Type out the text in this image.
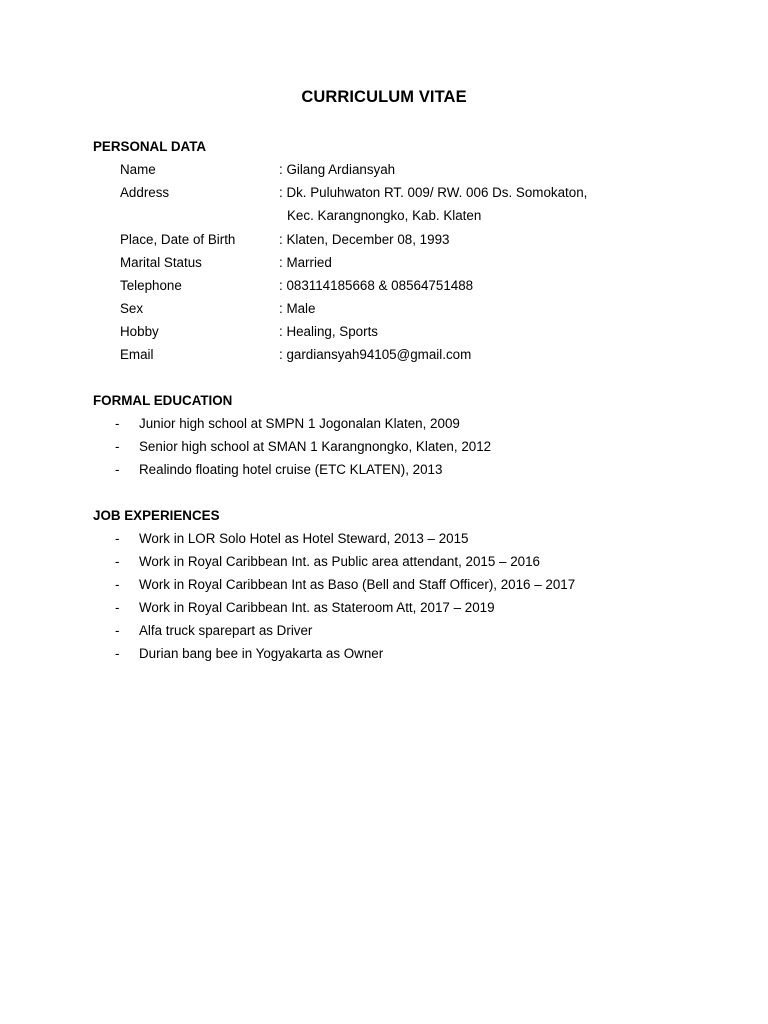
CURRICULUM VITAE
PERSONAL DATA
Name	: Gilang Ardiansyah
Address	: Dk. Puluhwaton RT. 009/ RW. 006 Ds. Somokaton,
Kec. Karangnongko, Kab. Klaten
Place, Date of Birth	: Klaten, December 08, 1993
Marital Status	: Married
Telephone	: 083114185668 & 08564751488
Sex	: Male
Hobby	: Healing, Sports
Email	: gardiansyah94105@gmail.com
FORMAL EDUCATION
- Junior high school at SMPN 1 Jogonalan Klaten, 2009
- Senior high school at SMAN 1 Karangnongko, Klaten, 2012
- Realindo floating hotel cruise (ETC KLATEN), 2013
JOB EXPERIENCES
- Work in LOR Solo Hotel as Hotel Steward, 2013 – 2015
- Work in Royal Caribbean Int. as Public area attendant, 2015 – 2016
- Work in Royal Caribbean Int as Baso (Bell and Staff Officer), 2016 – 2017
- Work in Royal Caribbean Int. as Stateroom Att, 2017 – 2019
- Alfa truck sparepart as Driver
- Durian bang bee in Yogyakarta as Owner
